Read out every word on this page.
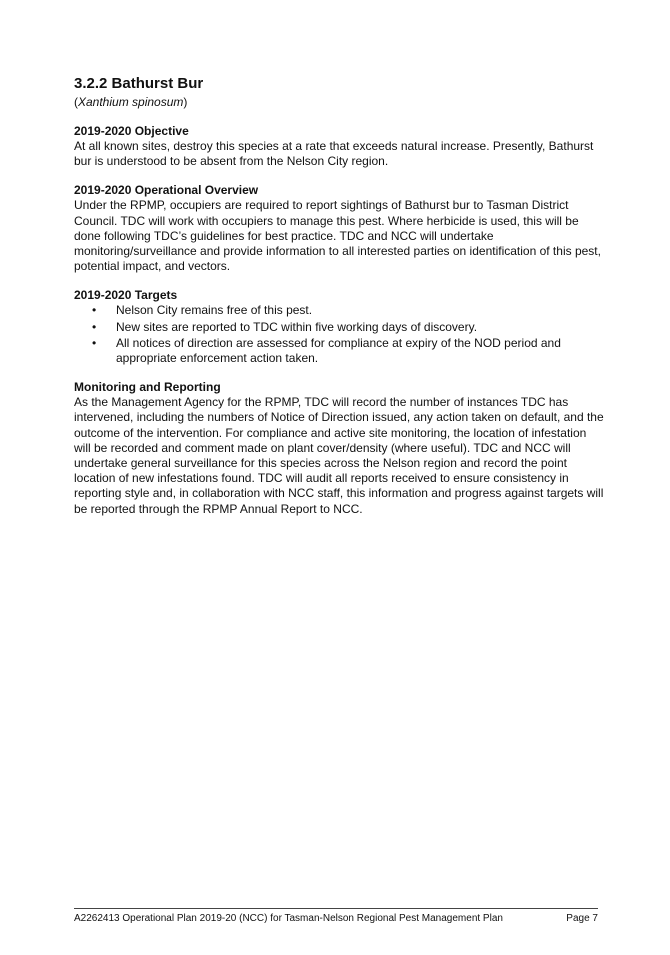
3.2.2 Bathurst Bur

(Xanthium spinosum)

2019-2020 Objective

At all known sites, destroy this species at a rate that exceeds natural increase. Presently, Bathurst bur is understood to be absent from the Nelson City region.

2019-2020 Operational Overview

Under the RPMP, occupiers are required to report sightings of Bathurst bur to Tasman District Council. TDC will work with occupiers to manage this pest. Where herbicide is used, this will be done following TDC’s guidelines for best practice. TDC and NCC will undertake monitoring/surveillance and provide information to all interested parties on identification of this pest, potential impact, and vectors.

2019-2020 Targets
• Nelson City remains free of this pest.
• New sites are reported to TDC within five working days of discovery.
• All notices of direction are assessed for compliance at expiry of the NOD period and appropriate enforcement action taken.
Monitoring and Reporting

As the Management Agency for the RPMP, TDC will record the number of instances TDC has intervened, including the numbers of Notice of Direction issued, any action taken on default, and the outcome of the intervention. For compliance and active site monitoring, the location of infestation will be recorded and comment made on plant cover/density (where useful). TDC and NCC will undertake general surveillance for this species across the Nelson region and record the point location of new infestations found. TDC will audit all reports received to ensure consistency in reporting style and, in collaboration with NCC staff, this information and progress against targets will be reported through the RPMP Annual Report to NCC.

A2262413 Operational Plan 2019-20 (NCC) for Tasman-Nelson Regional Pest Management Plan	Page 7
